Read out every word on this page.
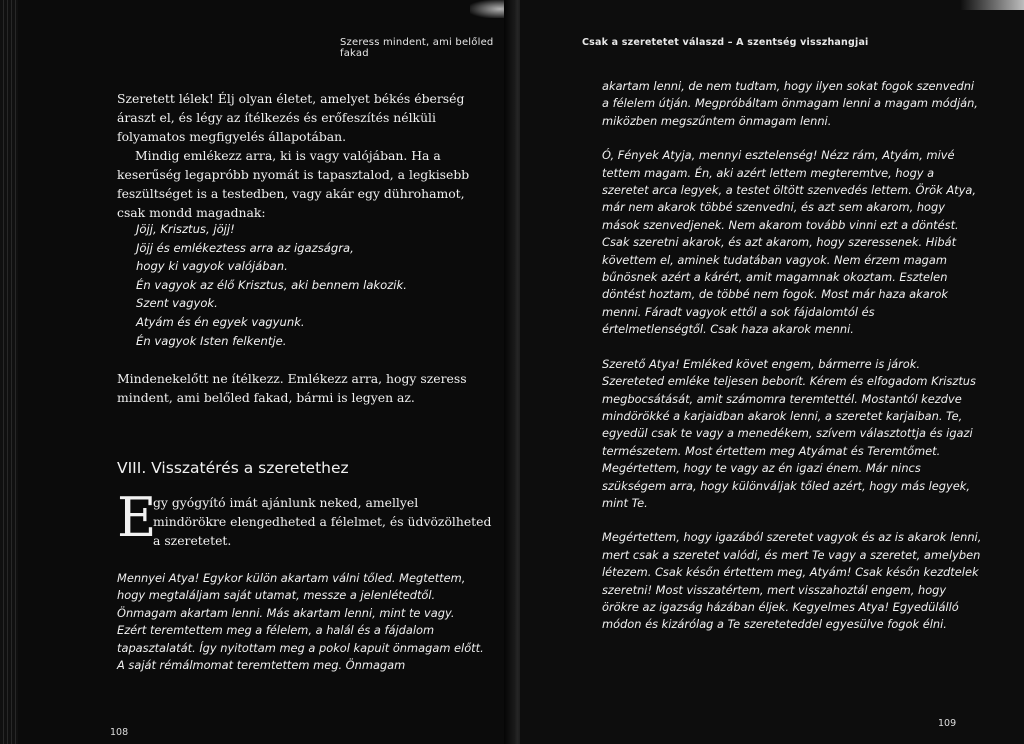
Szeress mindent, ami belőled fakad

Szeretett lélek! Élj olyan életet, amelyet békés éberség áraszt el, és légy az ítélkezés és erőfeszítés nélküli folyamatos megfigyelés állapotában.

Mindig emlékezz arra, ki is vagy valójában. Ha a keserűség legapróbb nyomát is tapasztalod, a legkisebb feszültséget is a testedben, vagy akár egy dührohamot, csak mondd magadnak:

Jöjj, Krisztus, jöjj!
Jöjj és emlékeztess arra az igazságra,
hogy ki vagyok valójában.
Én vagyok az élő Krisztus, aki bennem lakozik.
Szent vagyok.
Atyám és én egyek vagyunk.
Én vagyok Isten felkentje.

Mindenekelőtt ne ítélkezz. Emlékezz arra, hogy szeress mindent, ami belőled fakad, bármi is legyen az.

VIII. Visszatérés a szeretethez
E
gy gyógyító imát ajánlunk neked, amellyel mindörökre elengedheted a félelmet, és üdvözölheted a szeretetet.

Mennyei Atya! Egykor külön akartam válni tőled. Megtettem, hogy megtaláljam saját utamat, messze a jelenlétedtől. Önmagam akartam lenni. Más akartam lenni, mint te vagy. Ezért teremtettem meg a félelem, a halál és a fájdalom tapasztalatát. Így nyitottam meg a pokol kapuit önmagam előtt. A saját rémálmomat teremtettem meg. Önmagam

108
Csak a szeretetet válaszd – A szentség visszhangjai

akartam lenni, de nem tudtam, hogy ilyen sokat fogok szenvedni a félelem útján. Megpróbáltam önmagam lenni a magam módján, miközben megszűntem önmagam lenni.

Ó, Fények Atyja, mennyi esztelenség! Nézz rám, Atyám, mivé tettem magam. Én, aki azért lettem megteremtve, hogy a szeretet arca legyek, a testet öltött szenvedés lettem. Örök Atya, már nem akarok többé szenvedni, és azt sem akarom, hogy mások szenvedjenek. Nem akarom tovább vinni ezt a döntést. Csak szeretni akarok, és azt akarom, hogy szeressenek. Hibát követtem el, aminek tudatában vagyok. Nem érzem magam bűnösnek azért a kárért, amit magamnak okoztam. Esztelen döntést hoztam, de többé nem fogok. Most már haza akarok menni. Fáradt vagyok ettől a sok fájdalomtól és értelmetlenségtől. Csak haza akarok menni.

Szerető Atya! Emléked követ engem, bármerre is járok. Szereteted emléke teljesen beborít. Kérem és elfogadom Krisztus megbocsátását, amit számomra teremtettél. Mostantól kezdve mindörökké a karjaidban akarok lenni, a szeretet karjaiban. Te, egyedül csak te vagy a menedékem, szívem választottja és igazi természetem. Most értettem meg Atyámat és Teremtőmet. Megértettem, hogy te vagy az én igazi énem. Már nincs szükségem arra, hogy különváljak tőled azért, hogy más legyek, mint Te.

Megértettem, hogy igazából szeretet vagyok és az is akarok lenni, mert csak a szeretet valódi, és mert Te vagy a szeretet, amelyben létezem. Csak későn értettem meg, Atyám! Csak későn kezdtelek szeretni! Most visszatértem, mert visszahoztál engem, hogy örökre az igazság házában éljek. Kegyelmes Atya! Egyedülálló módon és kizárólag a Te szereteteddel egyesülve fogok élni.

109
